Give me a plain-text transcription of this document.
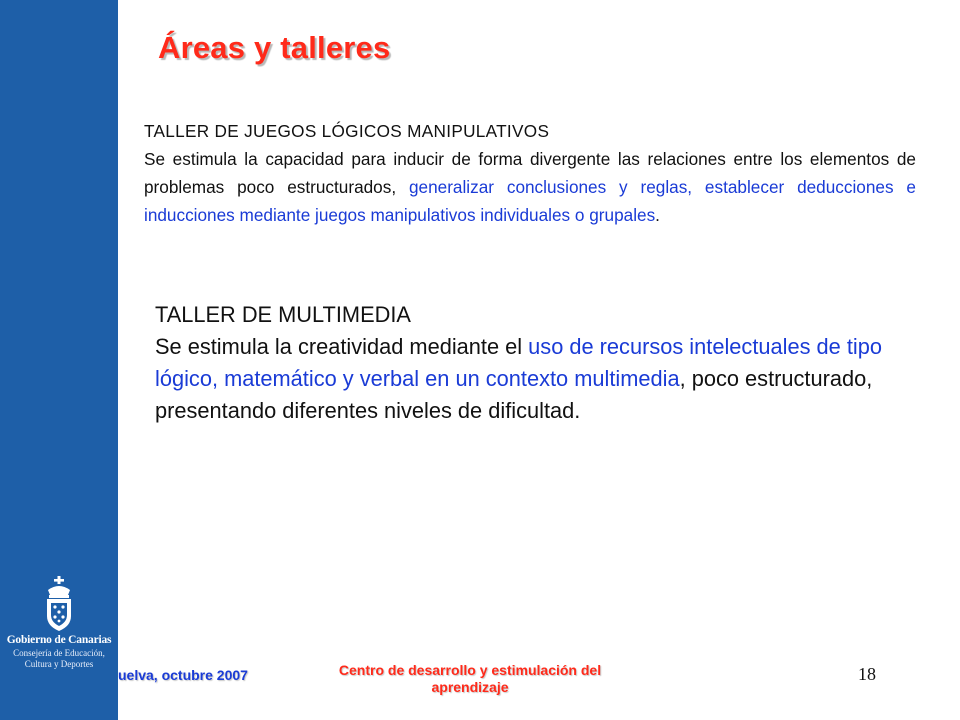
Gobierno de Canarias
Consejería de Educación,
Cultura y Deportes
Áreas y talleres
TALLER DE JUEGOS LÓGICOS MANIPULATIVOS

Se estimula la capacidad para inducir de forma divergente las relaciones entre los elementos de problemas poco estructurados, generalizar conclusiones y reglas, establecer deducciones e inducciones mediante juegos manipulativos individuales o grupales.

TALLER DE MULTIMEDIA

Se estimula la creatividad mediante el uso de recursos intelectuales de tipo lógico, matemático y verbal en un contexto multimedia, poco estructurado, presentando diferentes niveles de dificultad.

uelva, octubre 2007	Centro de desarrollo y estimulación del aprendizaje
18
